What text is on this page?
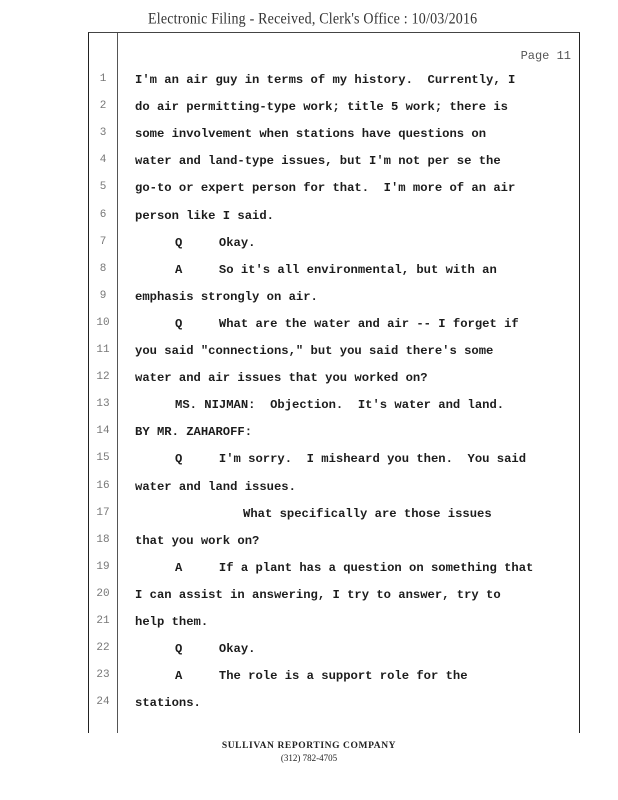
Electronic Filing - Received, Clerk's Office : 10/03/2016
Page 11
1	I'm an air guy in terms of my history.  Currently, I
2	do air permitting-type work; title 5 work; there is
3	some involvement when stations have questions on
4	water and land-type issues, but I'm not per se the
5	go-to or expert person for that.  I'm more of an air
6	person like I said.
7	Q     Okay.
8	A     So it's all environmental, but with an
9	emphasis strongly on air.
10	Q     What are the water and air -- I forget if
11 you said "connections," but you said there's some
12 water and air issues that you worked on?
13	MS. NIJMAN:  Objection.  It's water and land.
14 BY MR. ZAHAROFF:
15	Q     I'm sorry.  I misheard you then.  You said
16 water and land issues.
17	What specifically are those issues
18 that you work on?
19	A     If a plant has a question on something that
20 I can assist in answering, I try to answer, try to
21 help them.
22	Q     Okay.
23	A     The role is a support role for the
24 stations.
SULLIVAN REPORTING COMPANY
(312) 782-4705
